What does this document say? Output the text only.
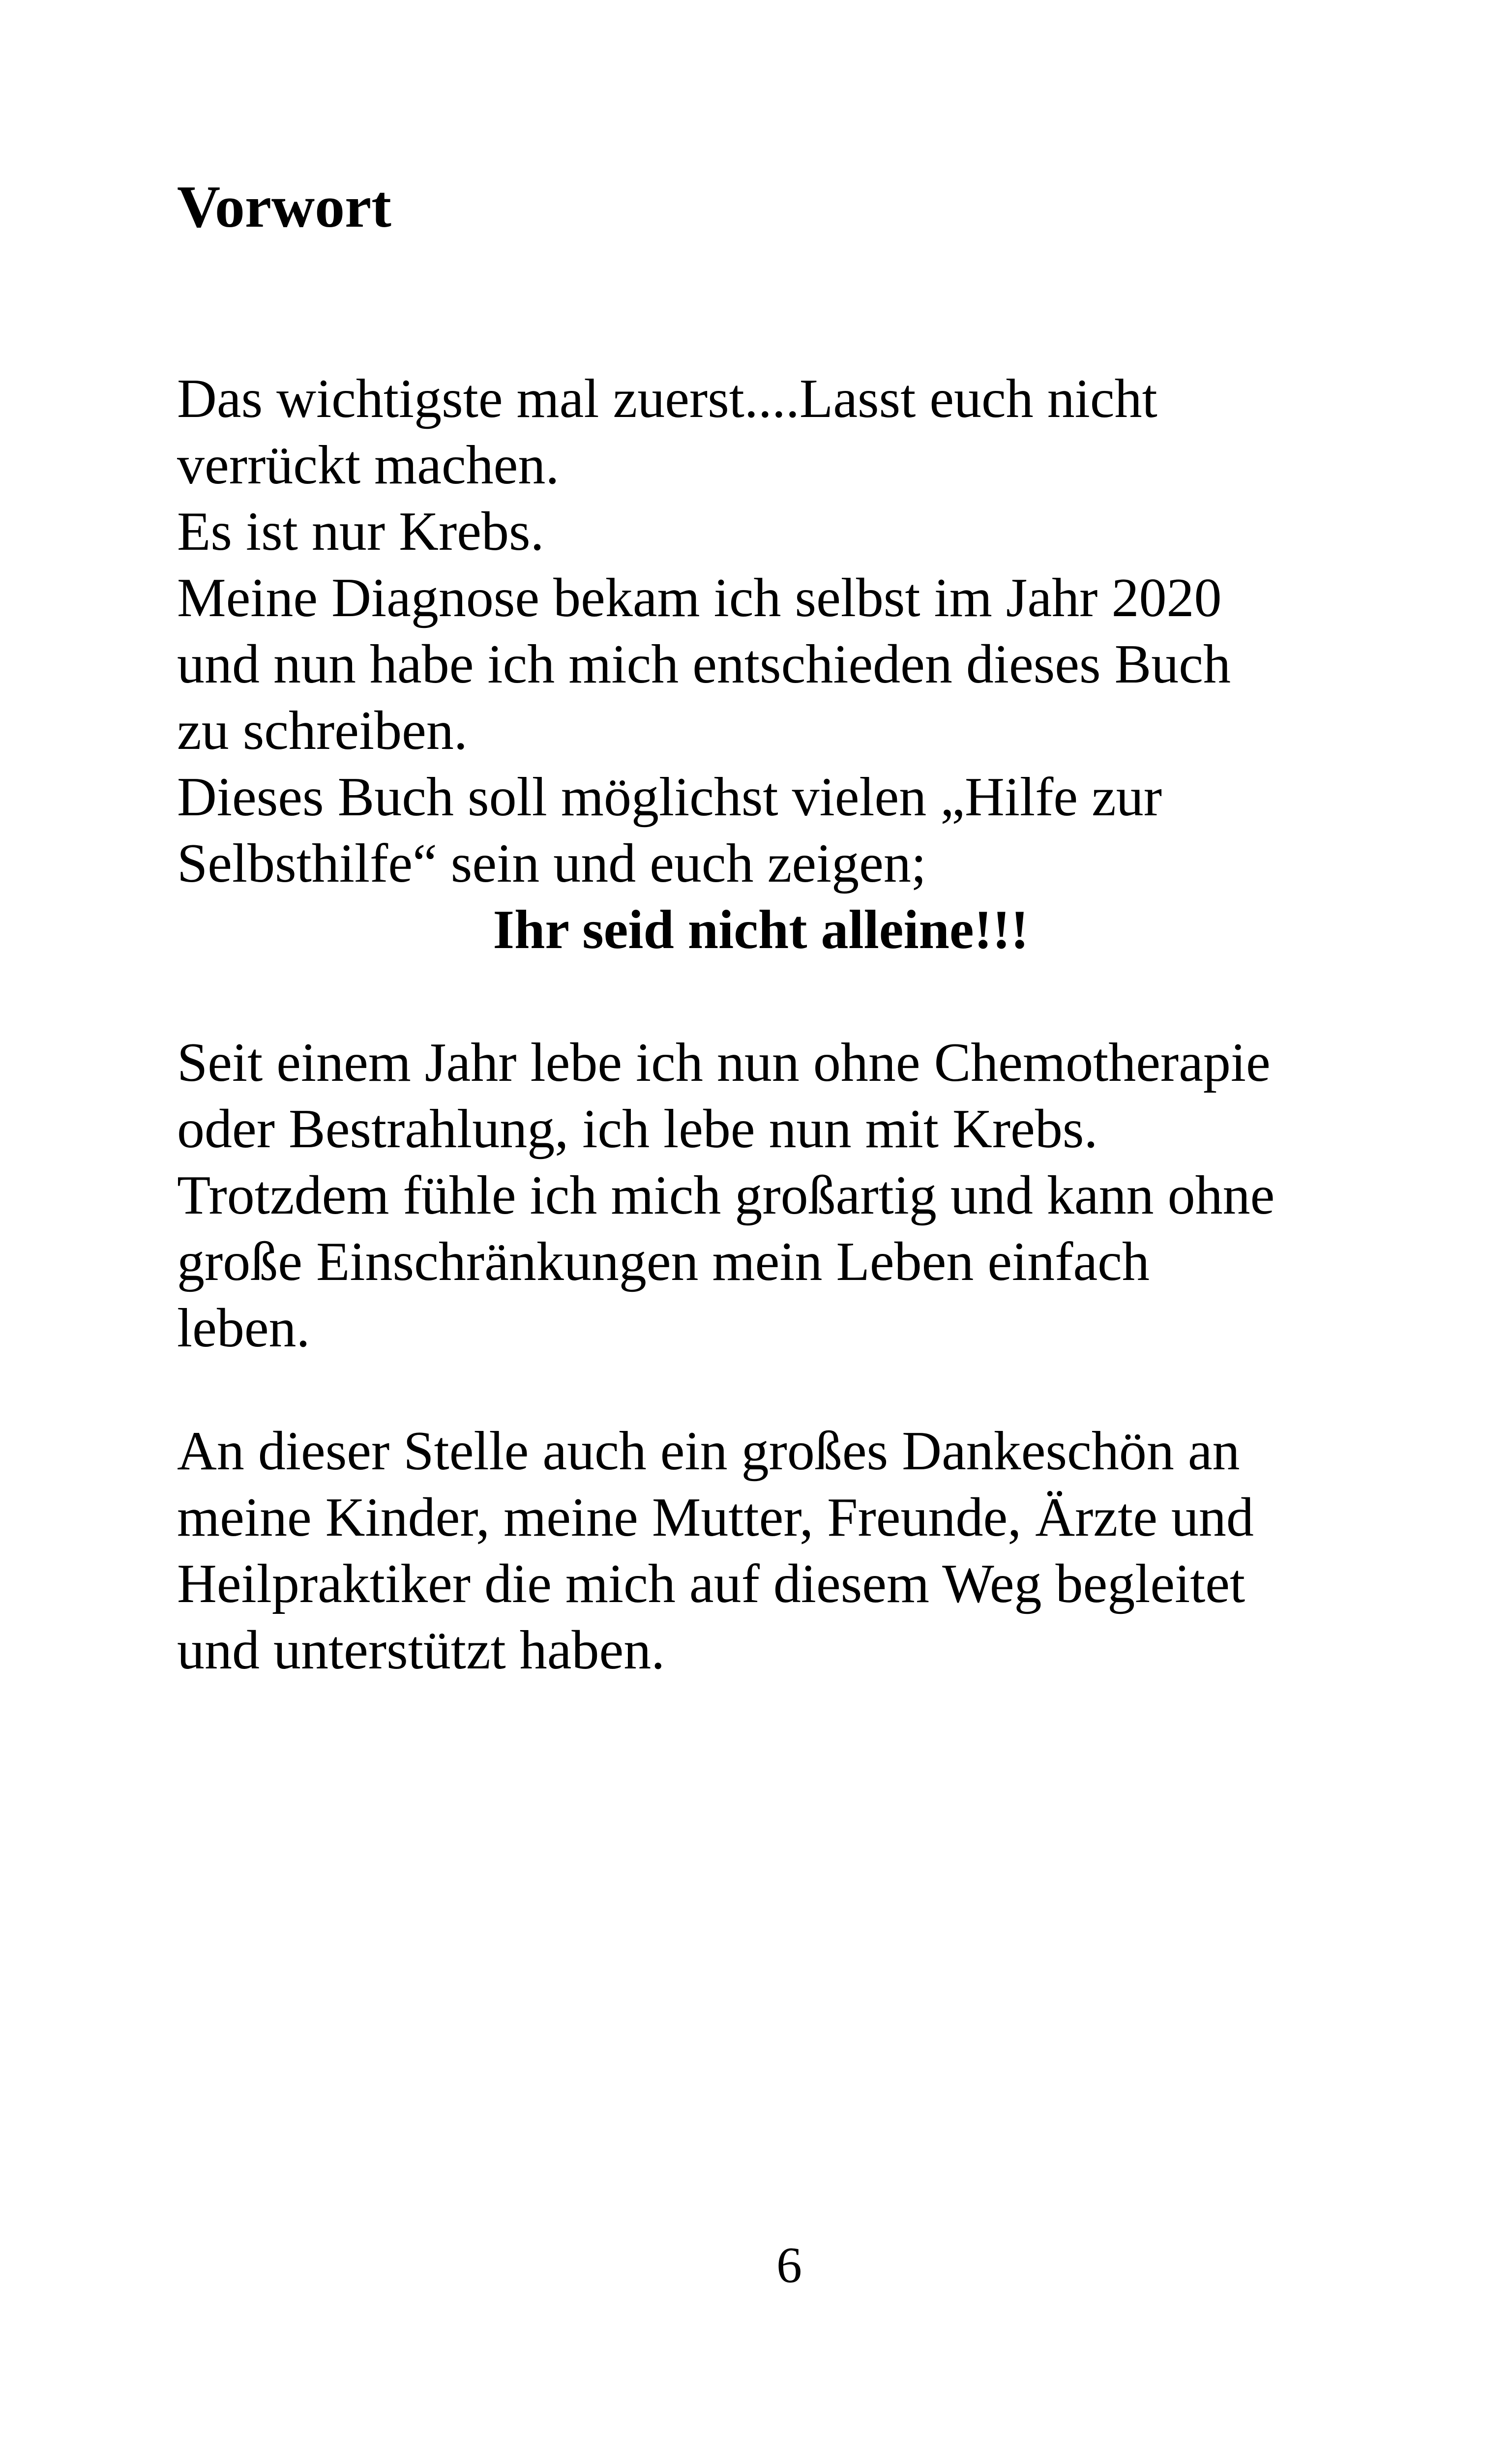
Vorwort

Das wichtigste mal zuerst....Lasst euch nicht

verrückt machen.

Es ist nur Krebs.

Meine Diagnose bekam ich selbst im Jahr 2020

und nun habe ich mich entschieden dieses Buch

zu schreiben.

Dieses Buch soll möglichst vielen „Hilfe zur

Selbsthilfe“ sein und euch zeigen;

Ihr seid nicht alleine!!!

Seit einem Jahr lebe ich nun ohne Chemotherapie

oder Bestrahlung, ich lebe nun mit Krebs.

Trotzdem fühle ich mich großartig und kann ohne

große Einschränkungen mein Leben einfach

leben.

An dieser Stelle auch ein großes Dankeschön an

meine Kinder, meine Mutter, Freunde, Ärzte und

Heilpraktiker die mich auf diesem Weg begleitet

und unterstützt haben.

6
